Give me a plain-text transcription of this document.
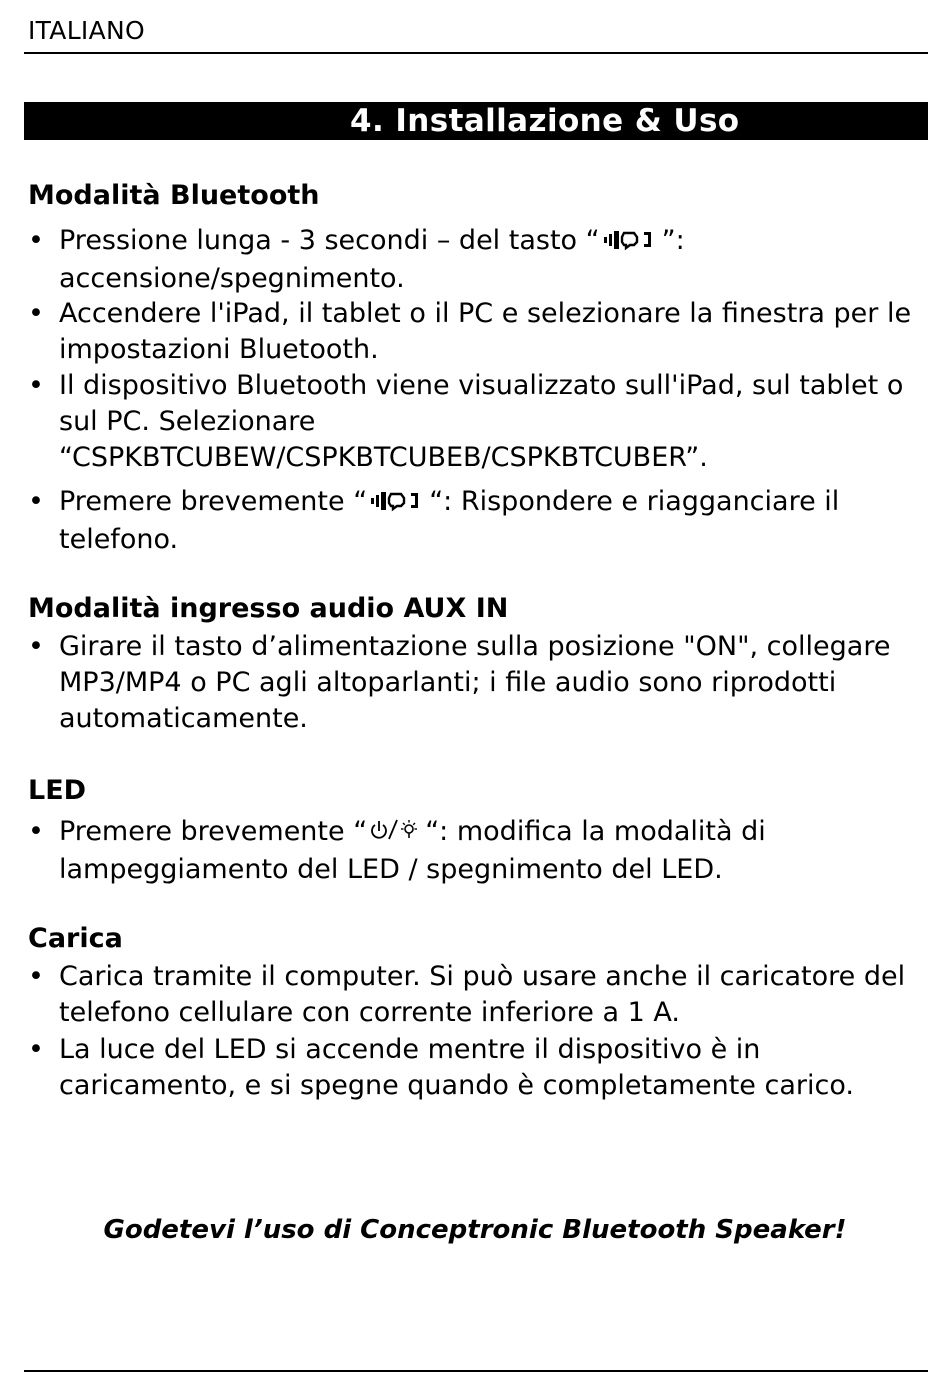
ITALIANO
4. Installazione & Uso
Modalità Bluetooth
• Pressione lunga - 3 secondi – del tasto “ ”: accensione/spegnimento.
• Accendere l'iPad, il tablet o il PC e selezionare la finestra per le impostazioni Bluetooth.
• Il dispositivo Bluetooth viene visualizzato sull'iPad, sul tablet o sul PC. Selezionare “CSPKBTCUBEW/CSPKBTCUBEB/CSPKBTCUBER”.
• Premere brevemente “ “: Rispondere e riagganciare il telefono.
Modalità ingresso audio AUX IN
• Girare il tasto d’alimentazione sulla posizione "ON", collegare MP3/MP4 o PC agli altoparlanti; i file audio sono riprodotti automaticamente.
LED
• Premere brevemente “ “: modifica la modalità di lampeggiamento del LED / spegnimento del LED.
Carica
• Carica tramite il computer. Si può usare anche il caricatore del telefono cellulare con corrente inferiore a 1 A.
• La luce del LED si accende mentre il dispositivo è in caricamento, e si spegne quando è completamente carico.
Godetevi l’uso di Conceptronic Bluetooth Speaker!
